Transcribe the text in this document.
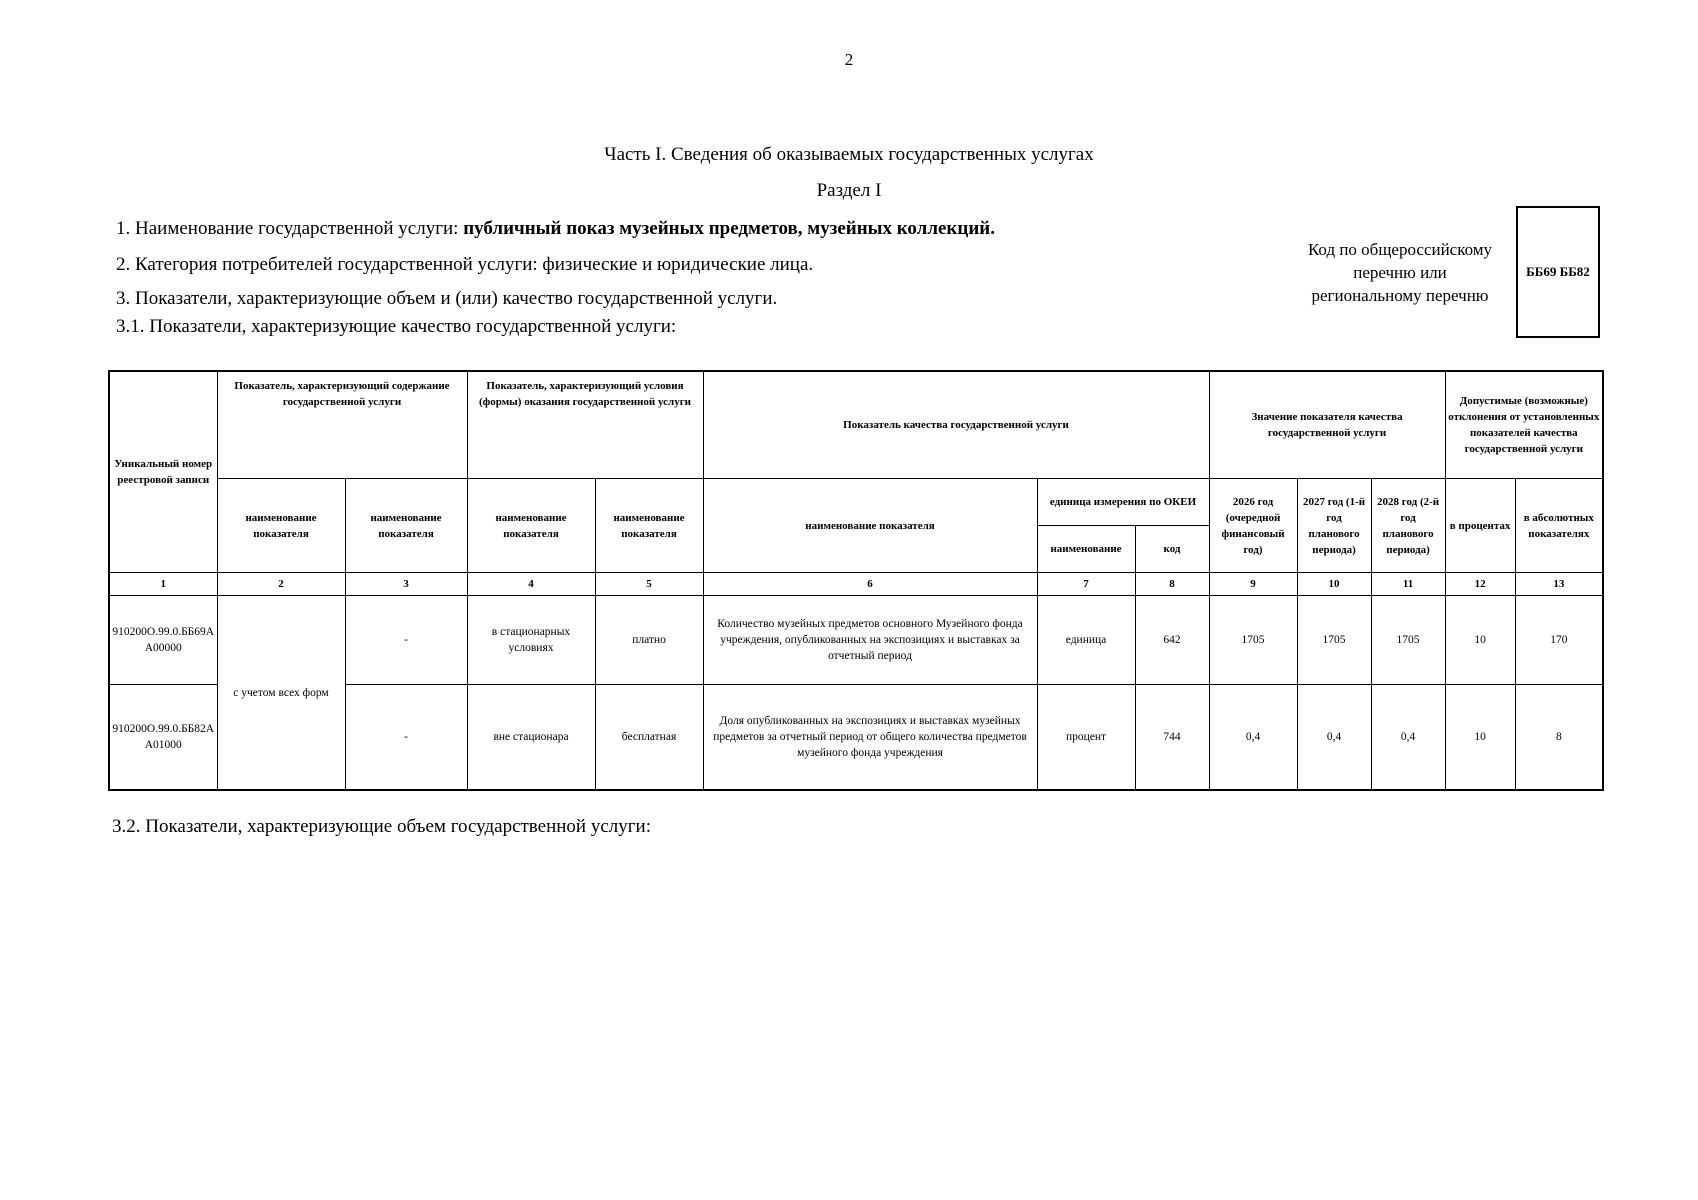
2
Часть I. Сведения об оказываемых государственных услугах
Раздел I
1. Наименование государственной услуги: публичный показ музейных предметов, музейных коллекций.
2. Категория потребителей государственной услуги: физические и юридические лица.
3. Показатели, характеризующие объем и (или) качество государственной услуги.
3.1. Показатели, характеризующие качество государственной услуги:
Код по общероссийскому
перечню или
региональному перечню
ББ69 ББ82
Уникальный номер реестровой записи	Показатель, характеризующий содержание государственной услуги		Показатель, характеризующий условия (формы) оказания государственной услуги		Показатель качества государственной услуги			Значение показателя качества государственной услуги			Допустимые (возможные) отклонения от установленных показателей качества государственной услуги	
	наименование показателя	наименование показателя	наименование показателя	наименование показателя	наименование показателя	единица измерения по ОКЕИ		2026 год (очередной финансовый год)	2027 год (1-й год планового периода)	2028 год (2-й год планового периода)	в процентах	в абсолютных показателях
						наименование	код					
1	2	3	4	5	6	7	8	9	10	11	12	13
910200О.99.0.ББ69АА00000	с учетом всех форм	-	в стационарных условиях	платно	Количество музейных предметов основного Музейного фонда учреждения, опубликованных на экспозициях и выставках за отчетный период	единица	642	1705	1705	1705	10	170
910200О.99.0.ББ82АА01000		-	вне стационара	бесплатная	Доля опубликованных на экспозициях и выставках музейных предметов за отчетный период от общего количества предметов музейного фонда учреждения	процент	744	0,4	0,4	0,4	10	8
3.2. Показатели, характеризующие объем государственной услуги:
